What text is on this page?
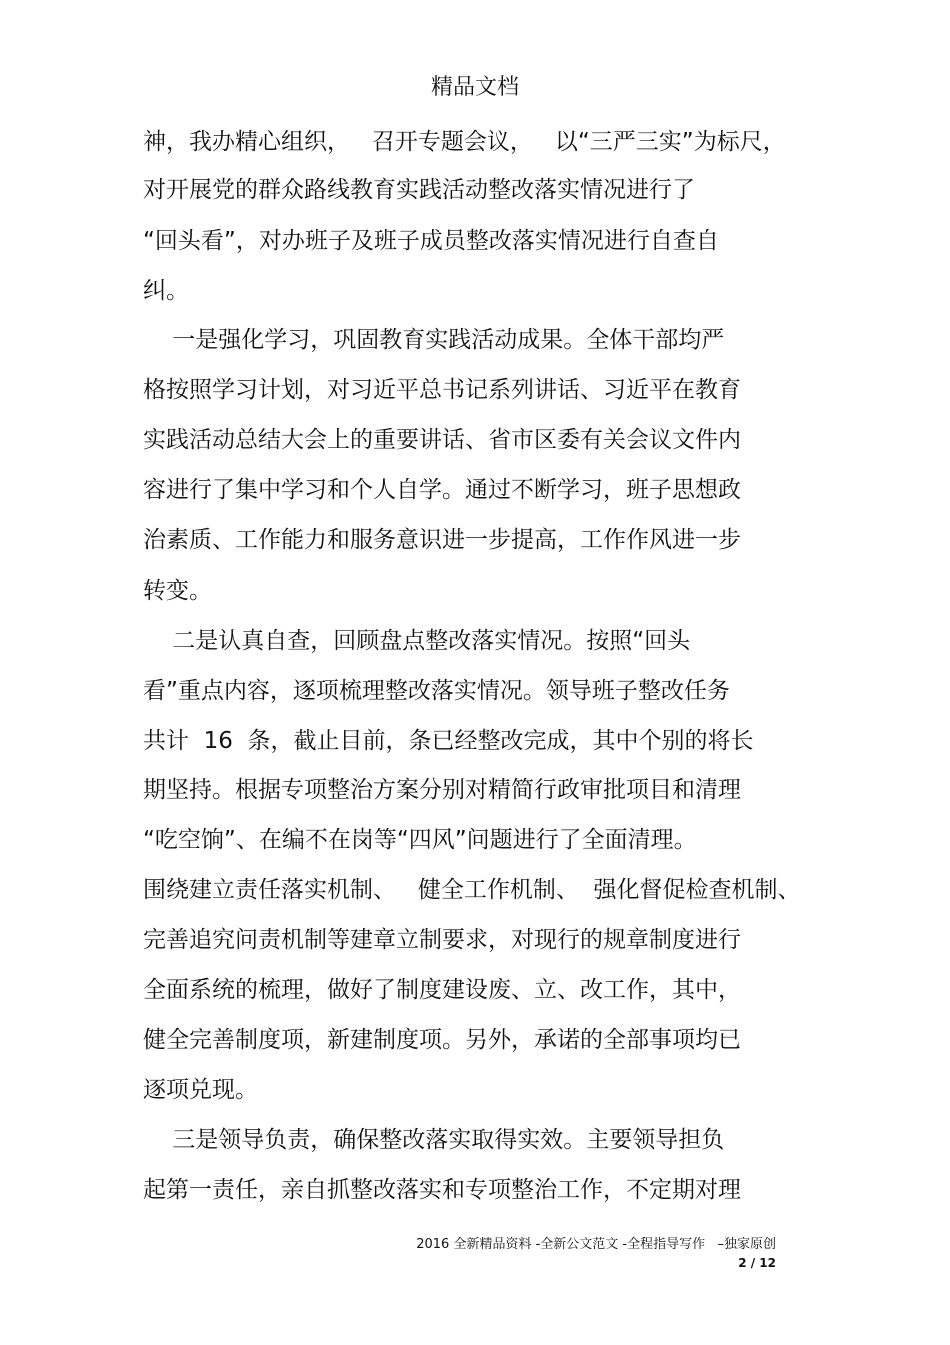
精品文档
神，我办精心组织，   召开专题会议，   以“三严三实”为标尺，
对开展党的群众路线教育实践活动整改落实情况进行了
“回头看”，对办班子及班子成员整改落实情况进行自查自
纠。
一是强化学习，巩固教育实践活动成果。全体干部均严
格按照学习计划，对习近平总书记系列讲话、习近平在教育
实践活动总结大会上的重要讲话、省市区委有关会议文件内
容进行了集中学习和个人自学。通过不断学习，班子思想政
治素质、工作能力和服务意识进一步提高，工作作风进一步
转变。
二是认真自查，回顾盘点整改落实情况。按照“回头
看”重点内容，逐项梳理整改落实情况。领导班子整改任务
共计  16  条，截止目前，条已经整改完成，其中个别的将长
期坚持。根据专项整治方案分别对精简行政审批项目和清理
“吃空饷”、在编不在岗等“四风”问题进行了全面清理。
围绕建立责任落实机制、   健全工作机制、  强化督促检查机制、
完善追究问责机制等建章立制要求，对现行的规章制度进行
全面系统的梳理，做好了制度建设废、立、改工作，其中，
健全完善制度项，新建制度项。另外，承诺的全部事项均已
逐项兑现。
三是领导负责，确保整改落实取得实效。主要领导担负
起第一责任，亲自抓整改落实和专项整治工作，不定期对理
2016 全新精品资料 -全新公文范文 -全程指导写作   –独家原创
2 / 12
